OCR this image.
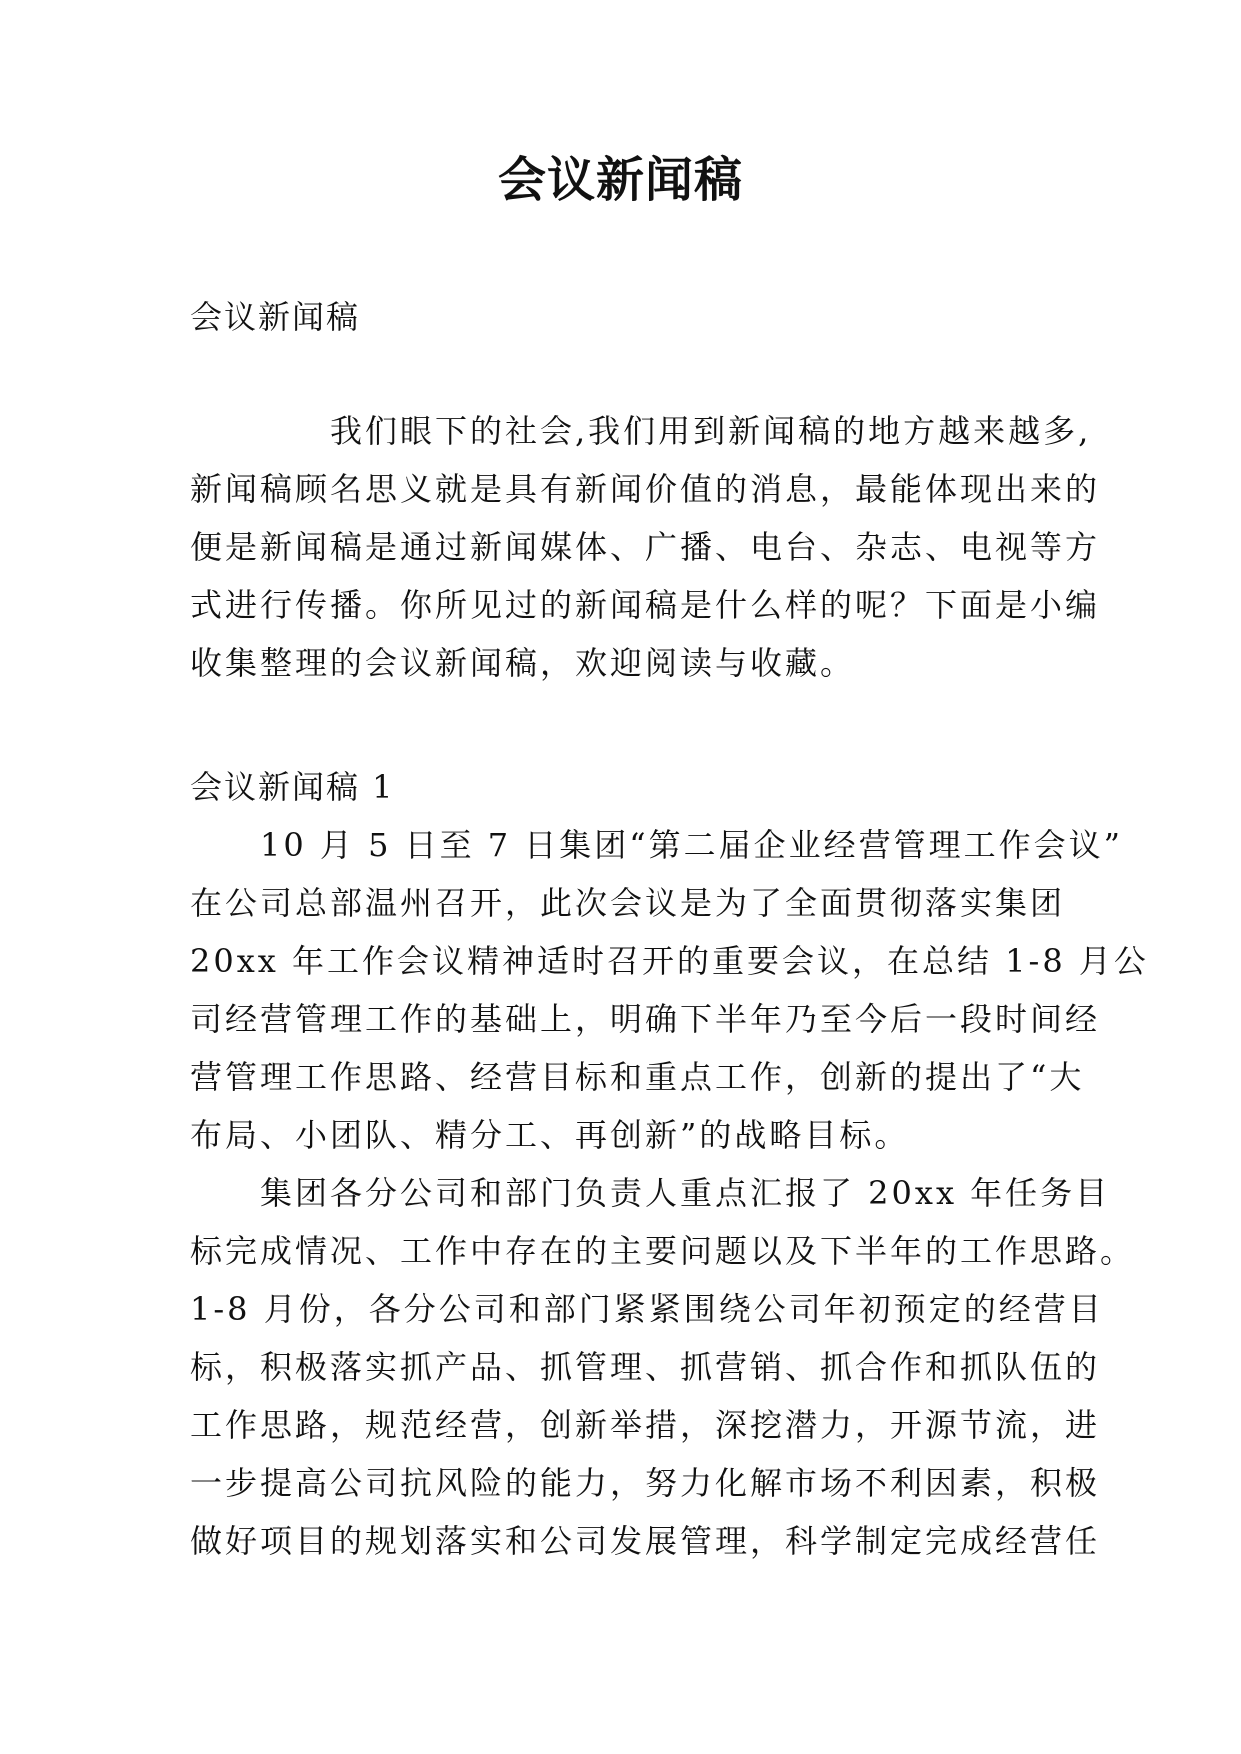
会议新闻稿
会议新闻稿
　　　　我们眼下的社会,我们用到新闻稿的地方越来越多,
新闻稿顾名思义就是具有新闻价值的消息，最能体现出来的
便是新闻稿是通过新闻媒体、广播、电台、杂志、电视等方
式进行传播。你所见过的新闻稿是什么样的呢？下面是小编
收集整理的会议新闻稿，欢迎阅读与收藏。
会议新闻稿 1
　　10 月 5 日至 7 日集团“第二届企业经营管理工作会议”
在公司总部温州召开，此次会议是为了全面贯彻落实集团
20xx 年工作会议精神适时召开的重要会议，在总结 1-8 月公
司经营管理工作的基础上，明确下半年乃至今后一段时间经
营管理工作思路、经营目标和重点工作，创新的提出了“大
布局、小团队、精分工、再创新”的战略目标。
　　集团各分公司和部门负责人重点汇报了 20xx 年任务目
标完成情况、工作中存在的主要问题以及下半年的工作思路。
1-8 月份，各分公司和部门紧紧围绕公司年初预定的经营目
标，积极落实抓产品、抓管理、抓营销、抓合作和抓队伍的
工作思路，规范经营，创新举措，深挖潜力，开源节流，进
一步提高公司抗风险的能力，努力化解市场不利因素，积极
做好项目的规划落实和公司发展管理，科学制定完成经营任
